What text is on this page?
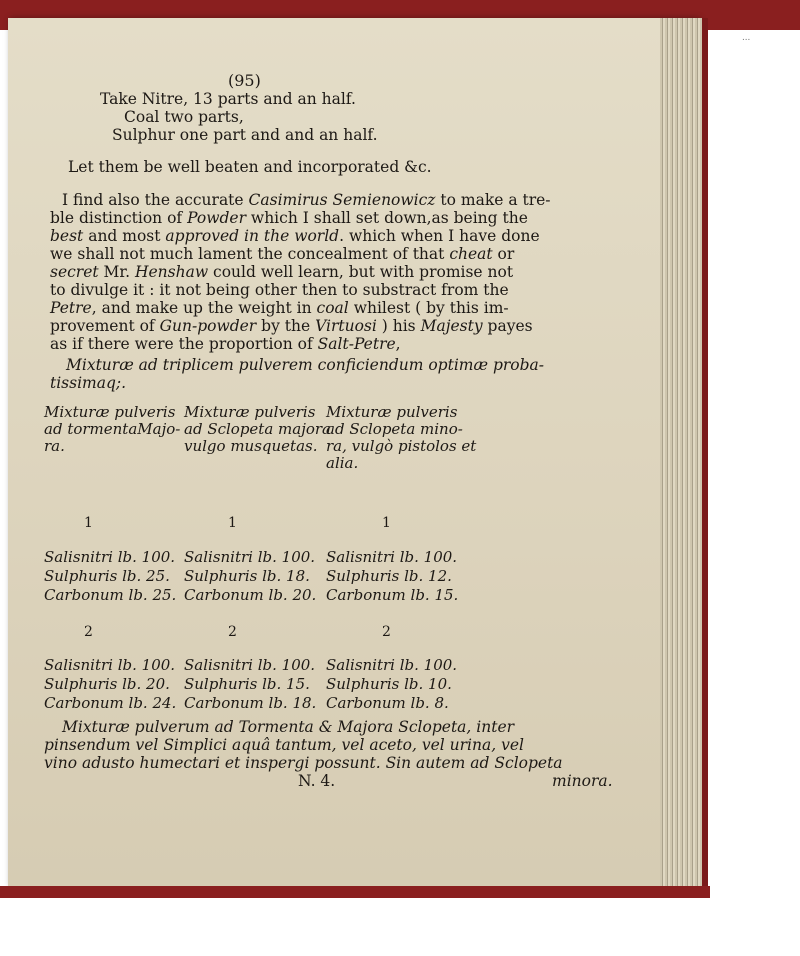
...
(95)
Take Nitre, 13 parts and an half.
Coal two parts,
Sulphur one part and and an half.
Let them be well beaten and incorporated &c.
I find also the accurate Casimirus Semienowicz to make a tre-
ble distinction of Powder which I shall set down,as being the
best and most approved in the world. which when I have done
we shall not much lament the concealment of that cheat or
secret Mr. Henshaw could well learn, but with promise not
to divulge it : it not being other then to substract from the
Petre, and make up the weight in coal whilest ( by this im-
provement of Gun-powder by the Virtuosi ) his Majesty payes
as if there were the proportion of Salt-Petre,
Mixturæ ad triplicem pulverem conficiendum optimæ proba-
tissimaq;.
Mixturæ pulveris
ad tormentaMajo-
ra.
Mixturæ pulveris
ad Sclopeta majora
vulgo musquetas.
Mixturæ pulveris
ad Sclopeta mino-
ra, vulgò pistolos et
alia.
1	1	1
Salisnitri lb. 100. Salisnitri lb. 100. Salisnitri lb. 100.
Sulphuris lb. 25. Sulphuris lb. 18. Sulphuris lb. 12.
Carbonum lb. 25. Carbonum lb. 20. Carbonum lb. 15.
2	2	2
Salisnitri lb. 100. Salisnitri lb. 100. Salisnitri lb. 100.
Sulphuris lb. 20. Sulphuris lb. 15. Sulphuris lb. 10.
Carbonum lb. 24. Carbonum lb. 18. Carbonum lb. 8.
Mixturæ pulverum ad Tormenta & Majora Sclopeta, inter
pinsendum vel Simplici aquâ tantum, vel aceto, vel urina, vel
vino adusto humectari et inspergi possunt. Sin autem ad Sclopeta
N. 4.	minora.
